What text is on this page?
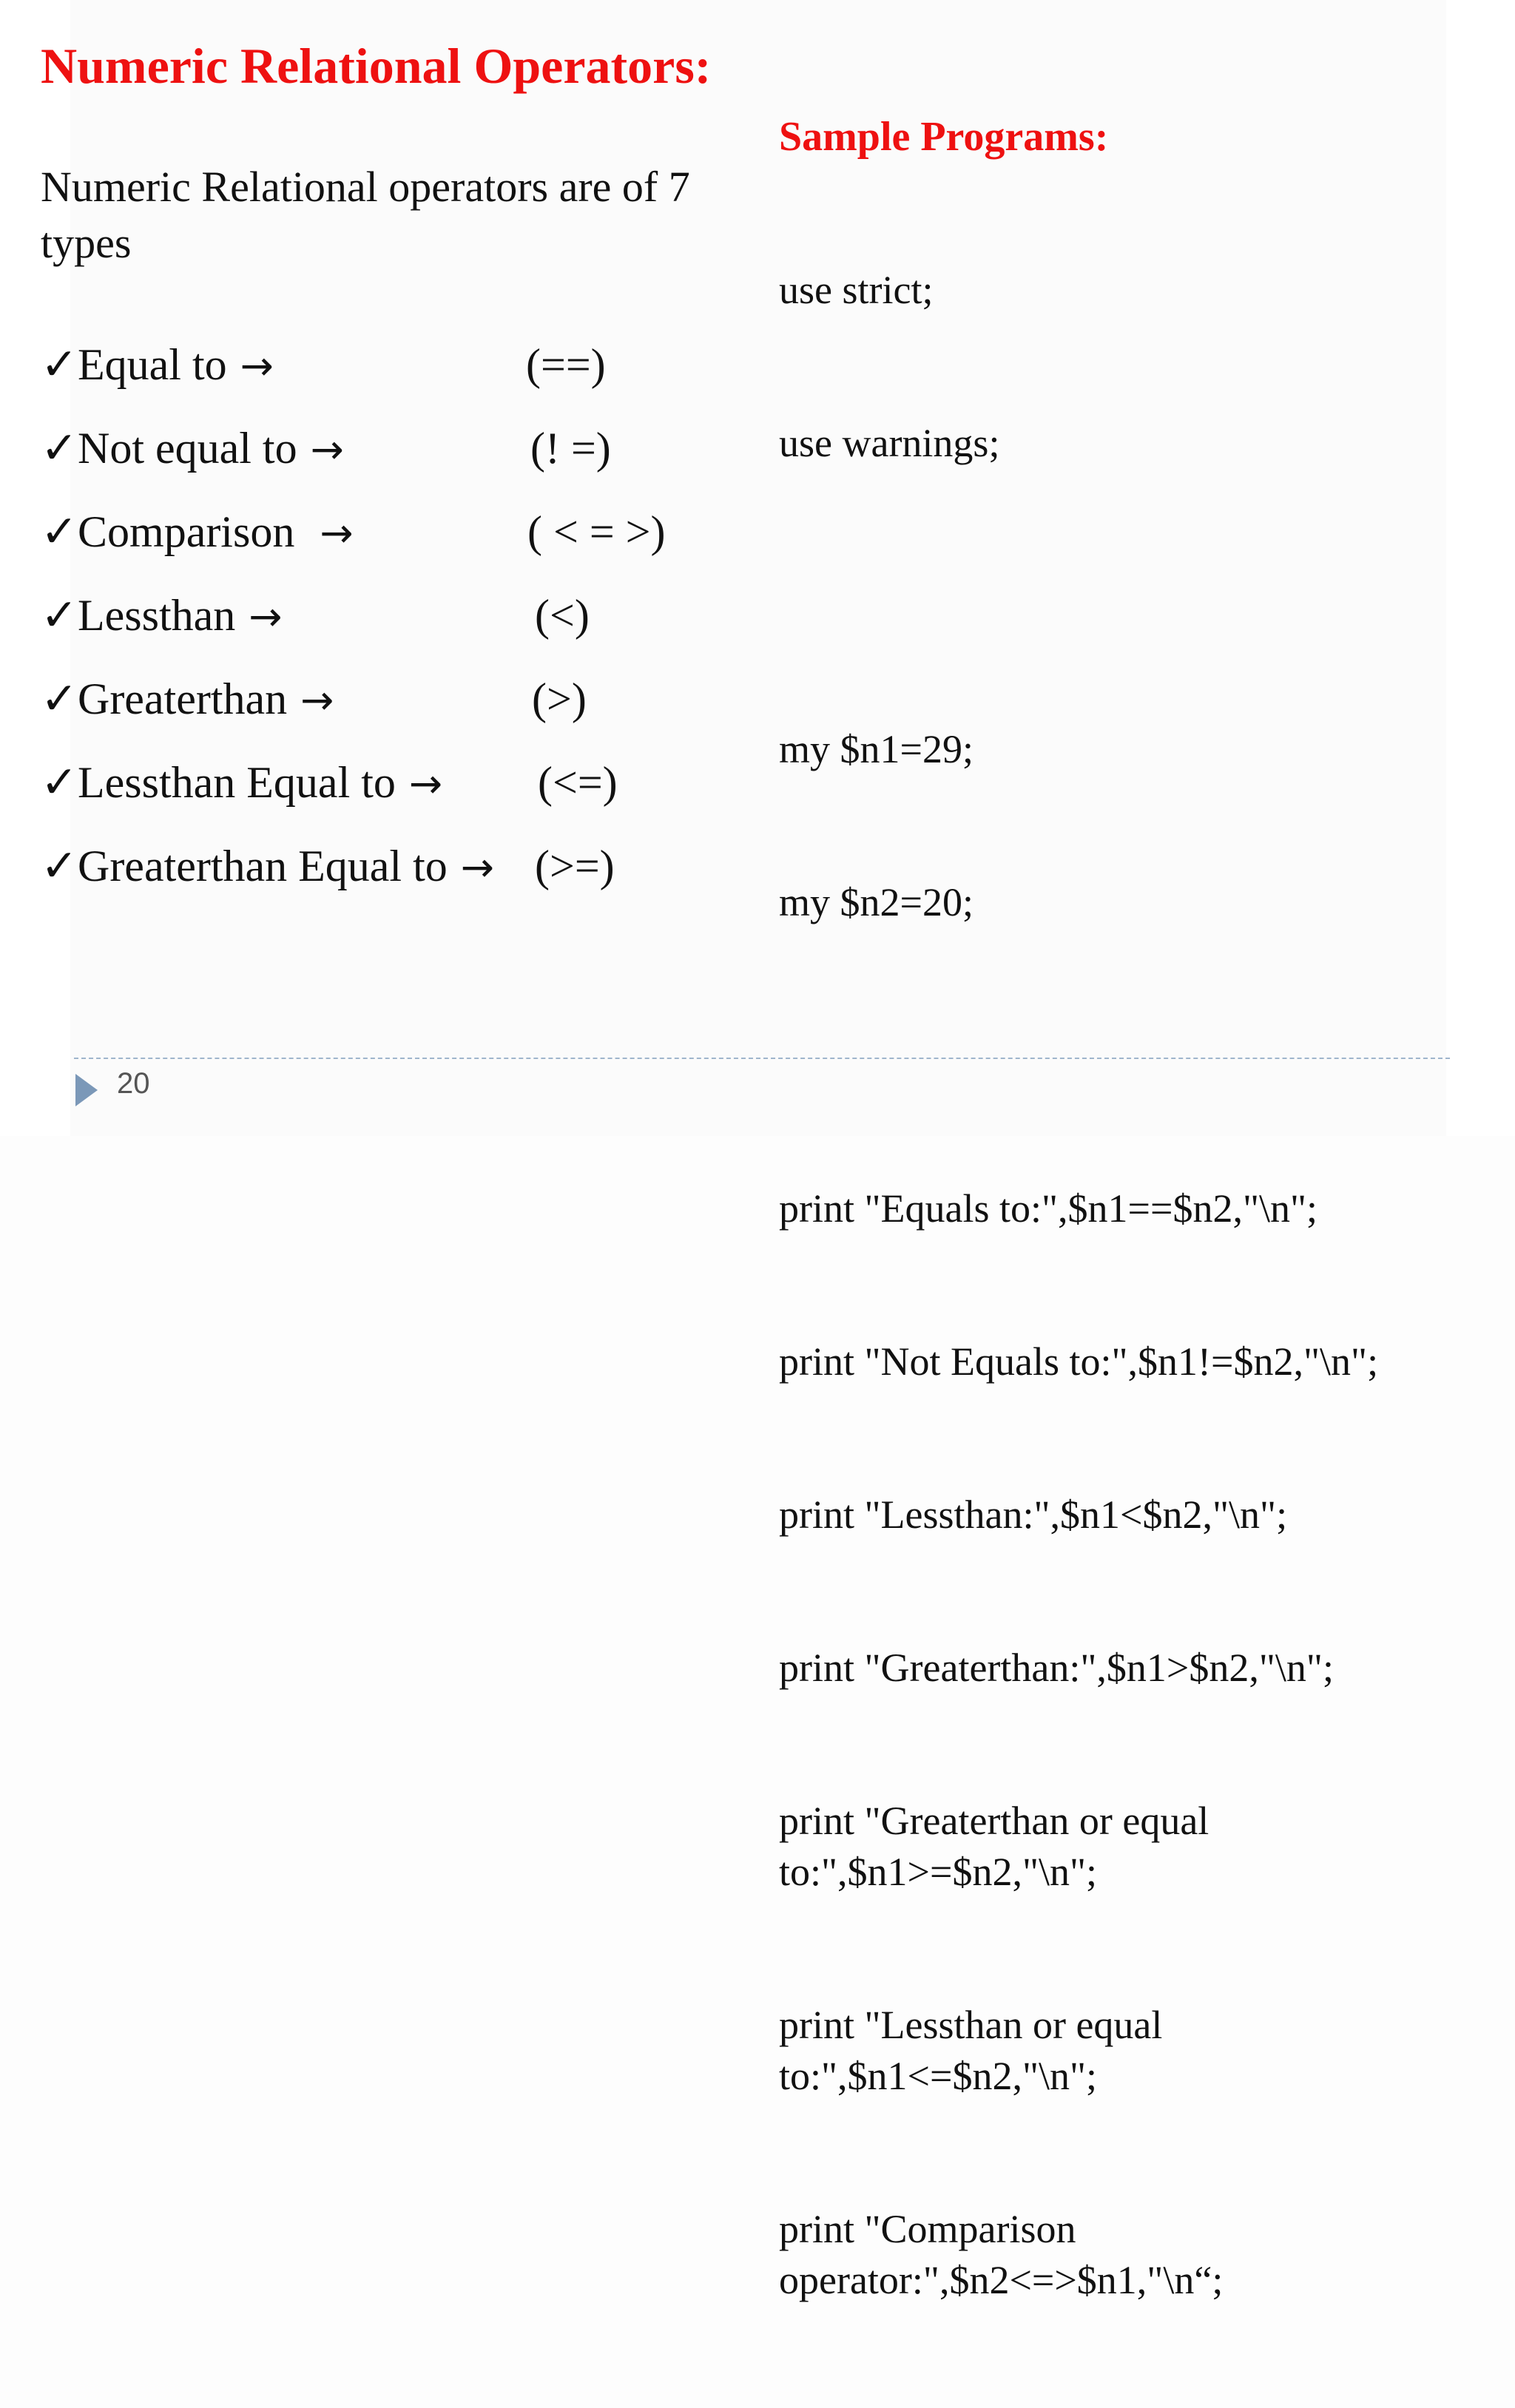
Numeric Relational Operators:
Numeric Relational operators are of 7 types
✓Equal to →	(==)
✓Not equal to →	(! =)
✓Comparison →	( < = >)
✓Lessthan →	(<)
✓Greaterthan →	(>)
✓Lessthan Equal to → (<=)
✓Greaterthan Equal to → (>=)
Sample Programs:

use strict;

use warnings;

my $n1=29;

my $n2=20;

print "Equals to:",$n1==$n2,"\n";

print "Not Equals to:",$n1!=$n2,"\n";

print "Lessthan:",$n1<$n2,"\n";

print "Greaterthan:",$n1>$n2,"\n";

print "Greaterthan or equal to:",$n1>=$n2,"\n";

print "Lessthan or equal to:",$n1<=$n2,"\n";

print "Comparison operator:",$n2<=>$n1,"\n“;

20
